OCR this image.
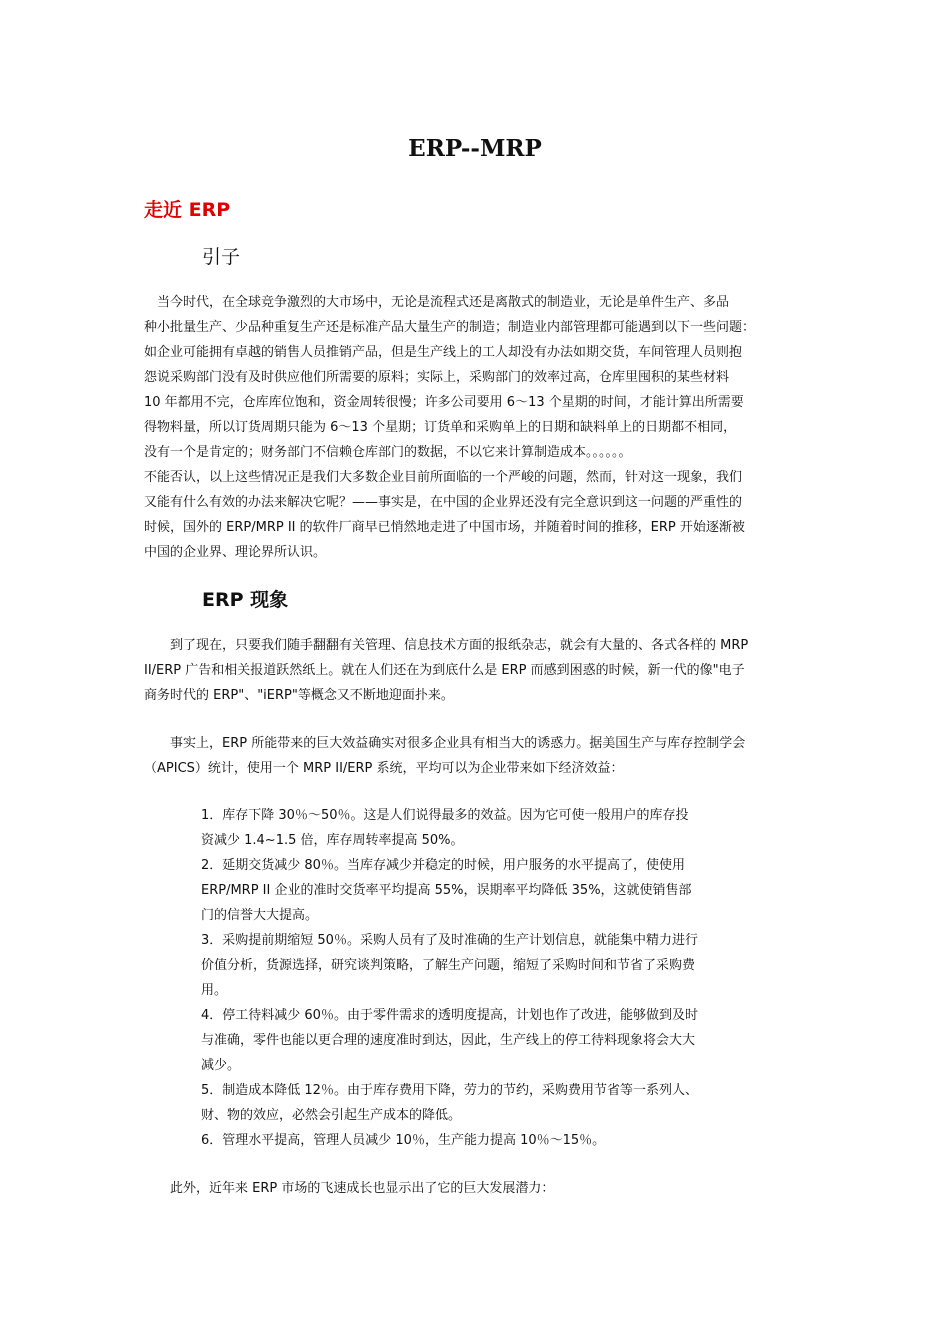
ERP--MRP
走近 ERP
引子
　当今时代，在全球竞争激烈的大市场中，无论是流程式还是离散式的制造业，无论是单件生产、多品
种小批量生产、少品种重复生产还是标准产品大量生产的制造；制造业内部管理都可能遇到以下一些问题：
如企业可能拥有卓越的销售人员推销产品，但是生产线上的工人却没有办法如期交货，车间管理人员则抱
怨说采购部门没有及时供应他们所需要的原料；实际上，采购部门的效率过高，仓库里囤积的某些材料
10 年都用不完，仓库库位饱和，资金周转很慢；许多公司要用 6～13 个星期的时间，才能计算出所需要
得物料量，所以订货周期只能为 6～13 个星期；订货单和采购单上的日期和缺料单上的日期都不相同，
没有一个是肯定的；财务部门不信赖仓库部门的数据，不以它来计算制造成本。。。。。。
不能否认，以上这些情况正是我们大多数企业目前所面临的一个严峻的问题，然而，针对这一现象，我们
又能有什么有效的办法来解决它呢？——事实是，在中国的企业界还没有完全意识到这一问题的严重性的
时候，国外的 ERP/MRP II 的软件厂商早已悄然地走进了中国市场，并随着时间的推移，ERP 开始逐渐被
中国的企业界、理论界所认识。
ERP 现象
　　到了现在，只要我们随手翻翻有关管理、信息技术方面的报纸杂志，就会有大量的、各式各样的 MRP
II/ERP 广告和相关报道跃然纸上。就在人们还在为到底什么是 ERP 而感到困惑的时候，新一代的像"电子
商务时代的 ERP"、"iERP"等概念又不断地迎面扑来。
　　事实上，ERP 所能带来的巨大效益确实对很多企业具有相当大的诱惑力。据美国生产与库存控制学会
（APICS）统计，使用一个 MRP II/ERP 系统，平均可以为企业带来如下经济效益：
1．库存下降 30％～50％。这是人们说得最多的效益。因为它可使一般用户的库存投
资减少 1.4~1.5 倍，库存周转率提高 50%。
2．延期交货减少 80％。当库存减少并稳定的时候，用户服务的水平提高了，使使用
ERP/MRP II 企业的准时交货率平均提高 55%，误期率平均降低 35%，这就使销售部
门的信誉大大提高。
3．采购提前期缩短 50％。采购人员有了及时准确的生产计划信息，就能集中精力进行
价值分析，货源选择，研究谈判策略，了解生产问题，缩短了采购时间和节省了采购费
用。
4．停工待料减少 60％。由于零件需求的透明度提高，计划也作了改进，能够做到及时
与准确，零件也能以更合理的速度准时到达，因此，生产线上的停工待料现象将会大大
减少。
5．制造成本降低 12％。由于库存费用下降，劳力的节约，采购费用节省等一系列人、
财、物的效应，必然会引起生产成本的降低。
6．管理水平提高，管理人员减少 10％，生产能力提高 10％～15％。
　　此外，近年来 ERP 市场的飞速成长也显示出了它的巨大发展潜力：
